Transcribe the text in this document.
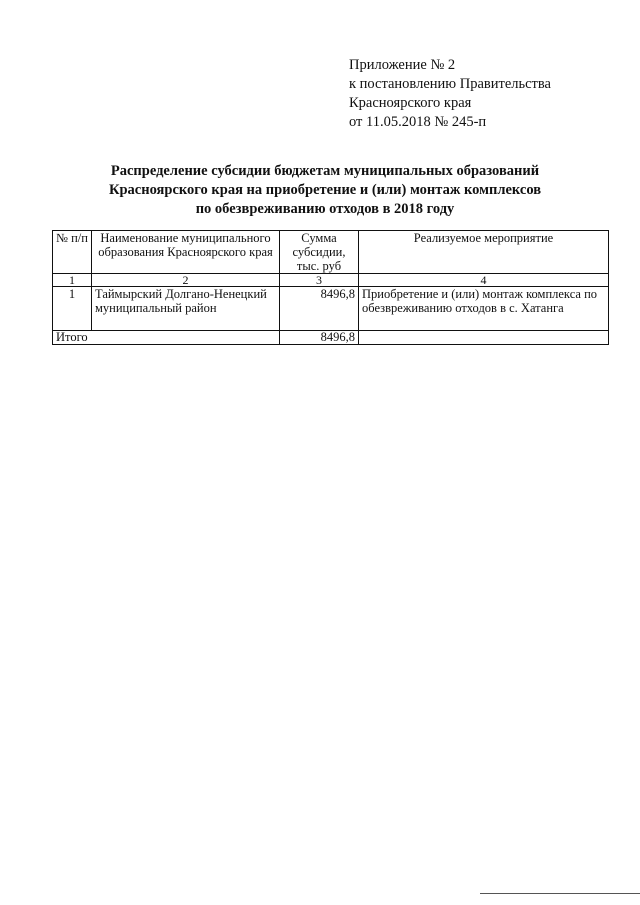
Приложение № 2
к постановлению Правительства
Красноярского края
от 11.05.2018 № 245-п
Распределение субсидии бюджетам муниципальных образований
Красноярского края на приобретение и (или) монтаж комплексов
по обезвреживанию отходов в 2018 году
№ п/п	Наименование муниципального образования Красноярского края	Сумма субсидии, тыс. руб	Реализуемое мероприятие
1	2	3	4
1	Таймырский Долгано-Ненецкий муниципальный район	8496,8	Приобретение и (или) монтаж комплекса по обезвреживанию отходов в с. Хатанга
Итого		8496,8	
